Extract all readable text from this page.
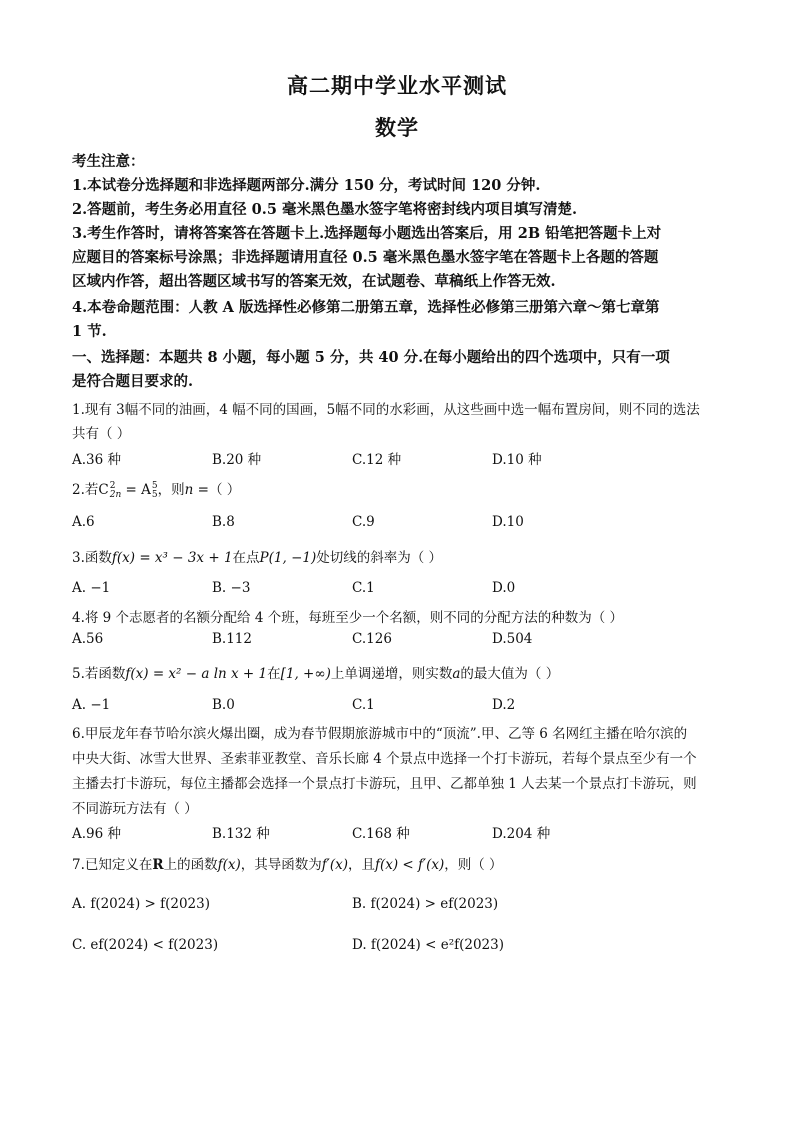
高二期中学业水平测试
数学
考生注意：
1.本试卷分选择题和非选择题两部分.满分 150 分，考试时间 120 分钟.
2.答题前，考生务必用直径 0.5 毫米黑色墨水签字笔将密封线内项目填写清楚.
3.考生作答时，请将答案答在答题卡上.选择题每小题选出答案后，用 2B 铅笔把答题卡上对
应题目的答案标号涂黑；非选择题请用直径 0.5 毫米黑色墨水签字笔在答题卡上各题的答题
区域内作答，超出答题区域书写的答案无效，在试题卷、草稿纸上作答无效.
4.本卷命题范围：人教 A 版选择性必修第二册第五章，选择性必修第三册第六章～第七章第
1 节.
一、选择题：本题共 8 小题，每小题 5 分，共 40 分.在每小题给出的四个选项中，只有一项
是符合题目要求的.
1.现有 3幅不同的油画，4 幅不同的国画，5幅不同的水彩画，从这些画中选一幅布置房间，则不同的选法
共有（ ）
A.36 种	B.20 种	C.12 种	D.10 种
2.若C 2
2n = A 5
5 ，则n =（ ）
A.6	B.8	C.9	D.10
3.函数f(x) = x³ − 3x + 1在点P(1, −1)处切线的斜率为（ ）
A. −1	B. −3	C.1	D.0
4.将 9 个志愿者的名额分配给 4 个班，每班至少一个名额，则不同的分配方法的种数为（ ）
A.56	B.112	C.126	D.504
5.若函数f(x) = x² − a ln x + 1在[1, +∞)上单调递增，则实数a的最大值为（ ）
A. −1	B.0	C.1	D.2
6.甲辰龙年春节哈尔滨火爆出圈，成为春节假期旅游城市中的“顶流”.甲、乙等 6 名网红主播在哈尔滨的
中央大街、冰雪大世界、圣索菲亚教堂、音乐长廊 4 个景点中选择一个打卡游玩，若每个景点至少有一个
主播去打卡游玩，每位主播都会选择一个景点打卡游玩，且甲、乙都单独 1 人去某一个景点打卡游玩，则
不同游玩方法有（ ）
A.96 种	B.132 种	C.168 种	D.204 种
7.已知定义在R上的函数f(x)，其导函数为f′(x)，且f(x) < f′(x)，则（ ）
A. f(2024) > f(2023)	B. f(2024) > ef(2023)
C. ef(2024) < f(2023)	D. f(2024) < e²f(2023)
